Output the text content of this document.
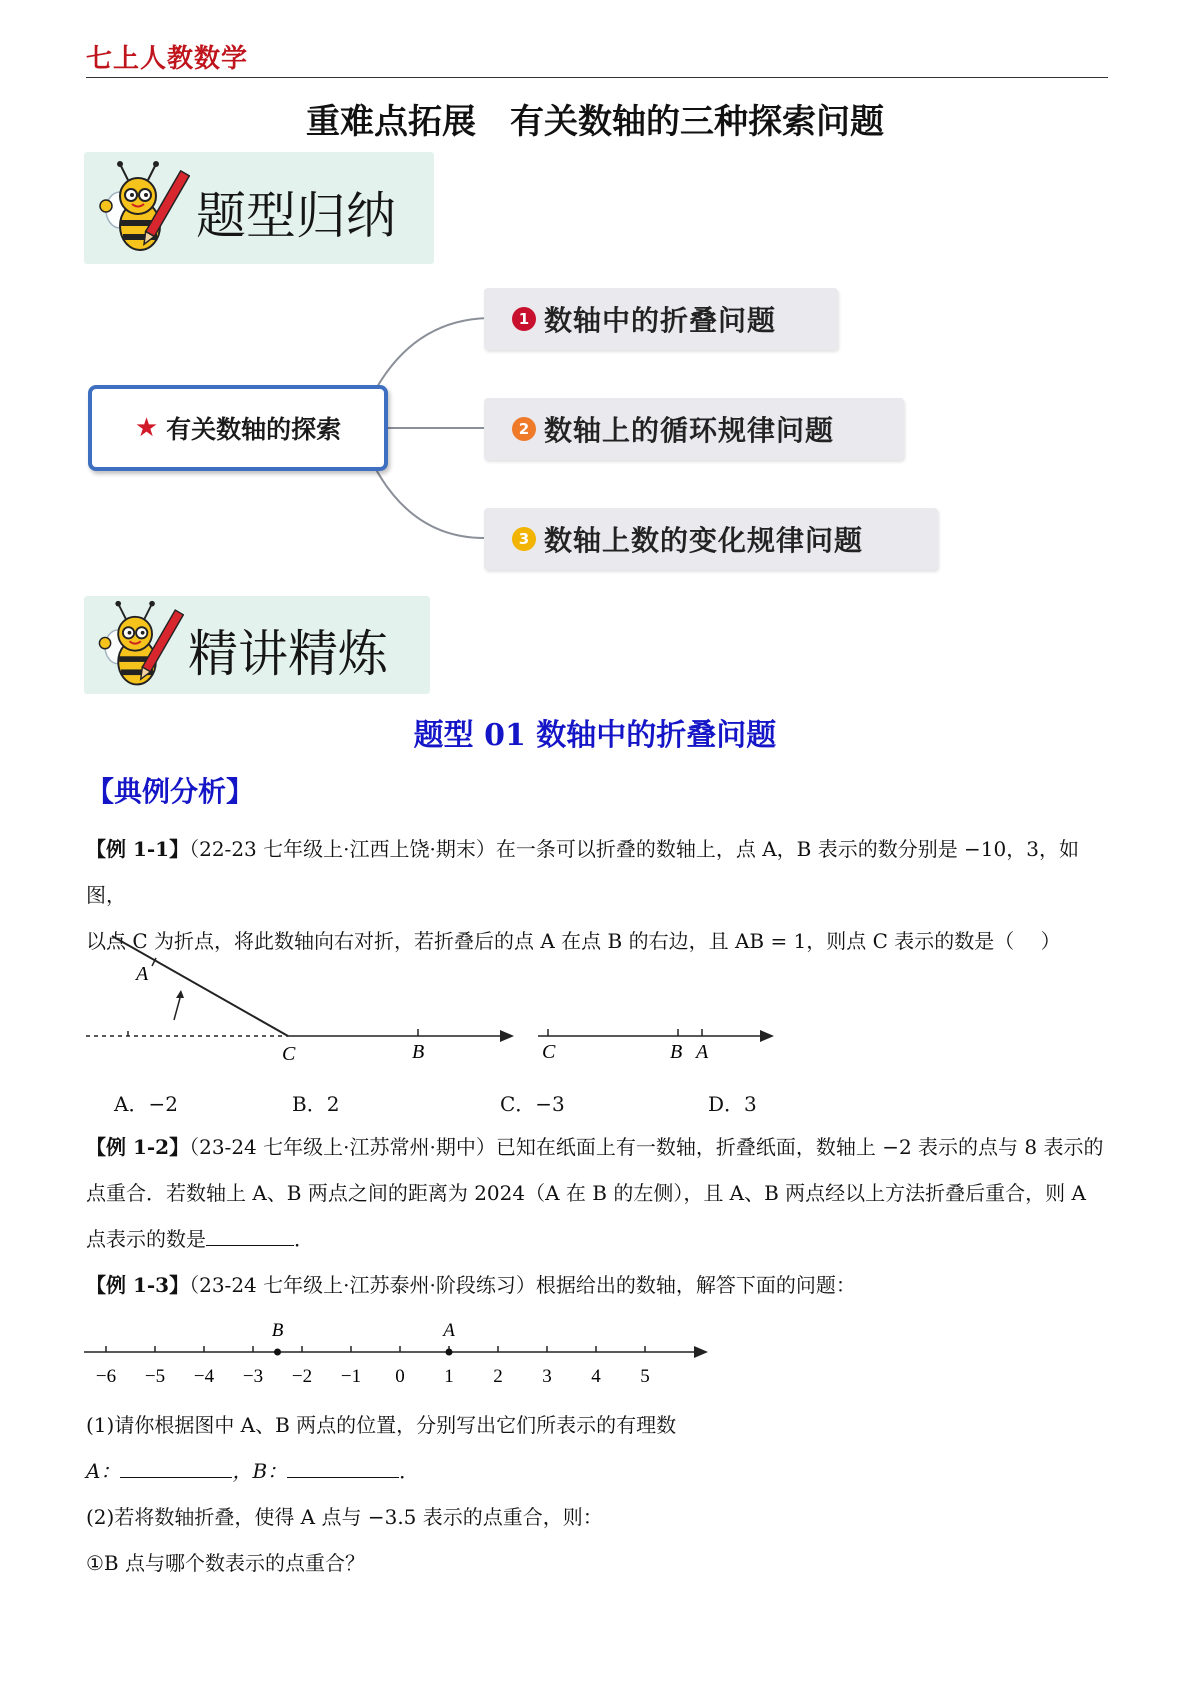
七上人教数学
重难点拓展　有关数轴的三种探索问题
题型归纳
★ 有关数轴的探索
1 数轴中的折叠问题
2 数轴上的循环规律问题
3 数轴上数的变化规律问题
精讲精炼
题型 01 数轴中的折叠问题
【典例分析】
【例 1-1】（22-23 七年级上·江西上饶·期末）在一条可以折叠的数轴上，点 A，B 表示的数分别是 −10，3，如图，
以点 C 为折点，将此数轴向右对折，若折叠后的点 A 在点 B 的右边，且 AB = 1，则点 C 表示的数是（　 ）
A
C	B	C	B A
A．−2	B．2	C．−3	D．3
【例 1-2】（23-24 七年级上·江苏常州·期中）已知在纸面上有一数轴，折叠纸面，数轴上 −2 表示的点与 8 表示的
点重合．若数轴上 A、B 两点之间的距离为 2024（A 在 B 的左侧），且 A、B 两点经以上方法折叠后重合，则 A
点表示的数是	．
【例 1-3】（23-24 七年级上·江苏泰州·阶段练习）根据给出的数轴，解答下面的问题：
−6 −5 −4 −3 −2 −1 0 1 2 3 4 5
B	A
(1)请你根据图中 A、B 两点的位置，分别写出它们所表示的有理数
A：	，B：	．
(2)若将数轴折叠，使得 A 点与 −3.5 表示的点重合，则：
①B 点与哪个数表示的点重合？
